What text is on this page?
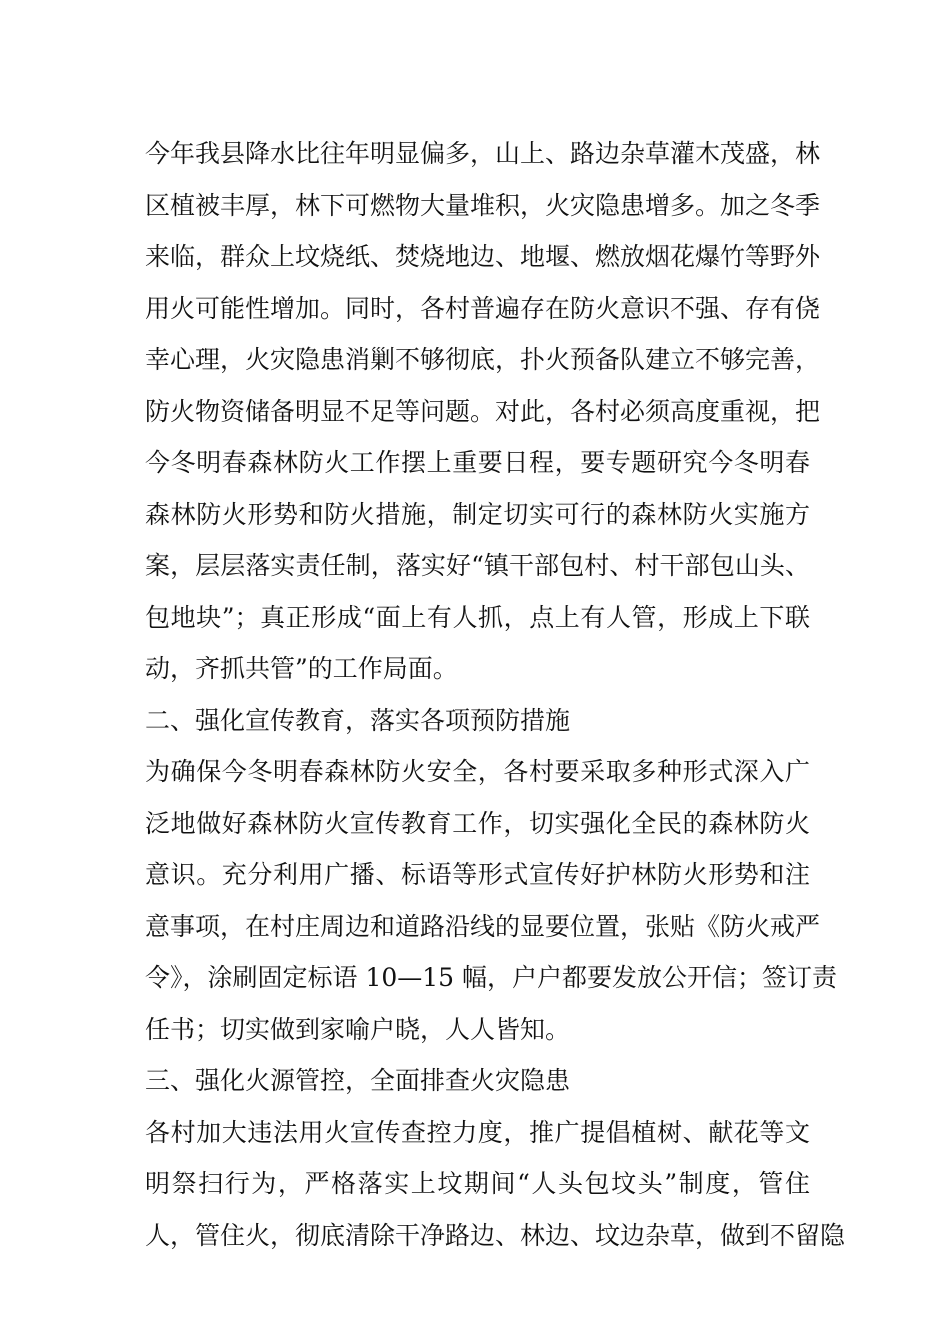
今年我县降水比往年明显偏多，山上、路边杂草灌木茂盛，林
区植被丰厚，林下可燃物大量堆积，火灾隐患增多。加之冬季
来临，群众上坟烧纸、焚烧地边、地堰、燃放烟花爆竹等野外
用火可能性增加。同时，各村普遍存在防火意识不强、存有侥
幸心理，火灾隐患消剿不够彻底，扑火预备队建立不够完善，
防火物资储备明显不足等问题。对此，各村必须高度重视，把
今冬明春森林防火工作摆上重要日程，要专题研究今冬明春
森林防火形势和防火措施，制定切实可行的森林防火实施方
案，层层落实责任制，落实好“镇干部包村、村干部包山头、
包地块”；真正形成“面上有人抓，点上有人管，形成上下联
动，齐抓共管”的工作局面。
二、强化宣传教育，落实各项预防措施
为确保今冬明春森林防火安全，各村要采取多种形式深入广
泛地做好森林防火宣传教育工作，切实强化全民的森林防火
意识。充分利用广播、标语等形式宣传好护林防火形势和注
意事项，在村庄周边和道路沿线的显要位置，张贴《防火戒严
令》，涂刷固定标语 10—15 幅，户户都要发放公开信；签订责
任书；切实做到家喻户晓，人人皆知。
三、强化火源管控，全面排查火灾隐患
各村加大违法用火宣传查控力度，推广提倡植树、献花等文
明祭扫行为，严格落实上坟期间“人头包坟头”制度，管住
人，管住火，彻底清除干净路边、林边、坟边杂草，做到不留隐
